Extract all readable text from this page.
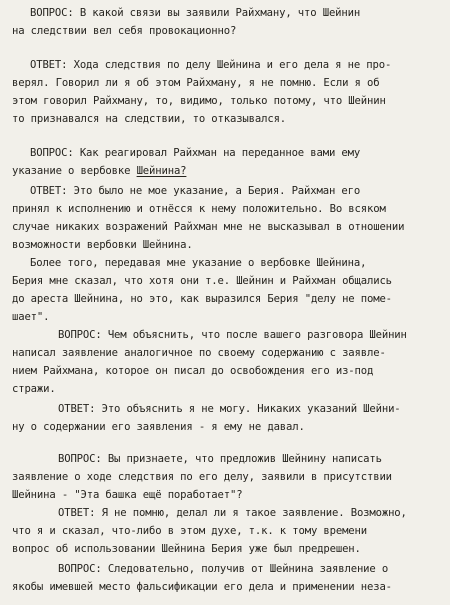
ВОПРОС: В какой связи вы заявили Райхману, что Шейнин
на следствии вел себя провокационно?
ОТВЕТ: Хода следствия по делу Шейнина и его дела я не про-
верял. Говорил ли я об этом Райхману, я не помню. Если я об
этом говорил Райхману, то, видимо, только потому, что Шейнин
то признавался на следствии, то отказывался.
ВОПРОС: Как реагировал Райхман на переданное вами ему
указание о вербовке Шейнина?
ОТВЕТ: Это было не мое указание, а Берия. Райхман его
принял к исполнению и отнёсся к нему положительно. Во всяком
случае никаких возражений Райхман мне не высказывал в отношении
возможности вербовки Шейнина.
Более того, передавая мне указание о вербовке Шейнина,
Берия мне сказал, что хотя они т.е. Шейнин и Райхман общались
до ареста Шейнина, но это, как выразился Берия "делу не поме-
шает".
ВОПРОС: Чем объяснить, что после вашего разговора Шейнин
написал заявление аналогичное по своему содержанию с заявле-
нием Райхмана, которое он писал до освобождения его из-под
стражи.
ОТВЕТ: Это объяснить я не могу. Никаких указаний Шейни-
ну о содержании его заявления - я ему не давал.
ВОПРОС: Вы признаете, что предложив Шейнину написать
заявление о ходе следствия по его делу, заявили в присутствии
Шейнина - "Эта башка ещё поработает"?
ОТВЕТ: Я не помню, делал ли я такое заявление. Возможно,
что я и сказал, что-либо в этом духе, т.к. к тому времени
вопрос об использовании Шейнина Берия уже был предрешен.
ВОПРОС: Следовательно, получив от Шейнина заявление о
якобы имевшей место фальсификации его дела и применении неза-
